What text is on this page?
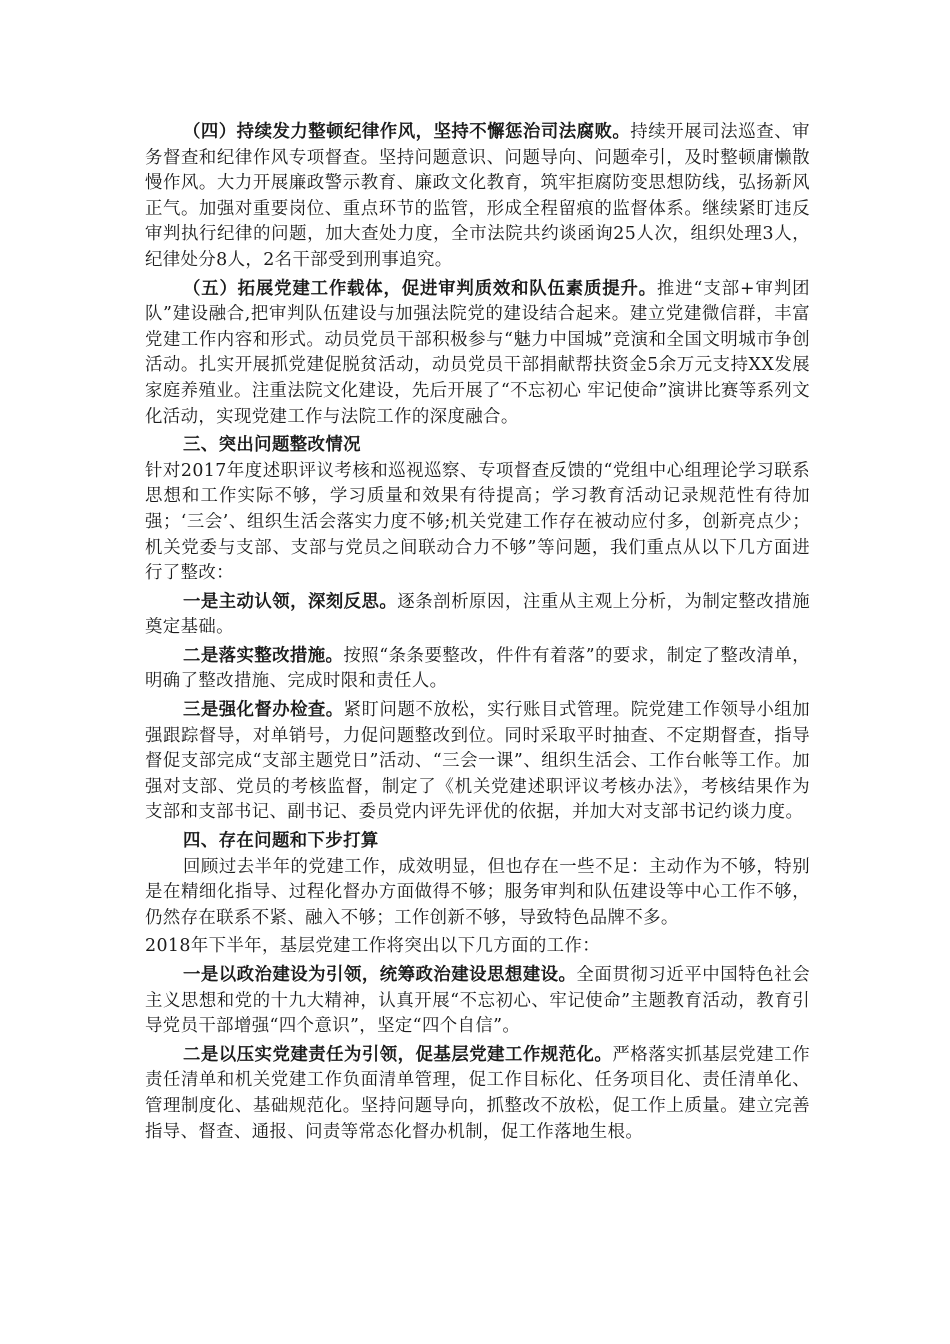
（四）持续发力整顿纪律作风，坚持不懈惩治司法腐败。持续开展司法巡查、审务督查和纪律作风专项督查。坚持问题意识、问题导向、问题牵引，及时整顿庸懒散慢作风。大力开展廉政警示教育、廉政文化教育，筑牢拒腐防变思想防线，弘扬新风正气。加强对重要岗位、重点环节的监管，形成全程留痕的监督体系。继续紧盯违反审判执行纪律的问题，加大查处力度，全市法院共约谈函询25人次，组织处理3人，纪律处分8人，2名干部受到刑事追究。

（五）拓展党建工作载体，促进审判质效和队伍素质提升。推进“支部+审判团队”建设融合,把审判队伍建设与加强法院党的建设结合起来。建立党建微信群，丰富党建工作内容和形式。动员党员干部积极参与“魅力中国城”竞演和全国文明城市争创活动。扎实开展抓党建促脱贫活动，动员党员干部捐献帮扶资金5余万元支持XX发展家庭养殖业。注重法院文化建设，先后开展了“不忘初心 牢记使命”演讲比赛等系列文化活动，实现党建工作与法院工作的深度融合。

三、突出问题整改情况

针对2017年度述职评议考核和巡视巡察、专项督查反馈的“党组中心组理论学习联系思想和工作实际不够，学习质量和效果有待提高；学习教育活动记录规范性有待加强；‘三会’、组织生活会落实力度不够;机关党建工作存在被动应付多，创新亮点少；机关党委与支部、支部与党员之间联动合力不够”等问题，我们重点从以下几方面进行了整改：

一是主动认领，深刻反思。逐条剖析原因，注重从主观上分析，为制定整改措施奠定基础。

二是落实整改措施。按照“条条要整改，件件有着落”的要求，制定了整改清单，明确了整改措施、完成时限和责任人。

三是强化督办检查。紧盯问题不放松，实行账目式管理。院党建工作领导小组加强跟踪督导，对单销号，力促问题整改到位。同时采取平时抽查、不定期督查，指导督促支部完成“支部主题党日”活动、“三会一课”、组织生活会、工作台帐等工作。加强对支部、党员的考核监督，制定了《机关党建述职评议考核办法》，考核结果作为支部和支部书记、副书记、委员党内评先评优的依据，并加大对支部书记约谈力度。

四、存在问题和下步打算

回顾过去半年的党建工作，成效明显，但也存在一些不足：主动作为不够，特别是在精细化指导、过程化督办方面做得不够；服务审判和队伍建设等中心工作不够，仍然存在联系不紧、融入不够；工作创新不够，导致特色品牌不多。

2018年下半年，基层党建工作将突出以下几方面的工作：

一是以政治建设为引领，统筹政治建设思想建设。全面贯彻习近平中国特色社会主义思想和党的十九大精神，认真开展“不忘初心、牢记使命”主题教育活动，教育引导党员干部增强“四个意识”，坚定“四个自信”。

二是以压实党建责任为引领，促基层党建工作规范化。严格落实抓基层党建工作责任清单和机关党建工作负面清单管理，促工作目标化、任务项目化、责任清单化、管理制度化、基础规范化。坚持问题导向，抓整改不放松，促工作上质量。建立完善指导、督查、通报、问责等常态化督办机制，促工作落地生根。
